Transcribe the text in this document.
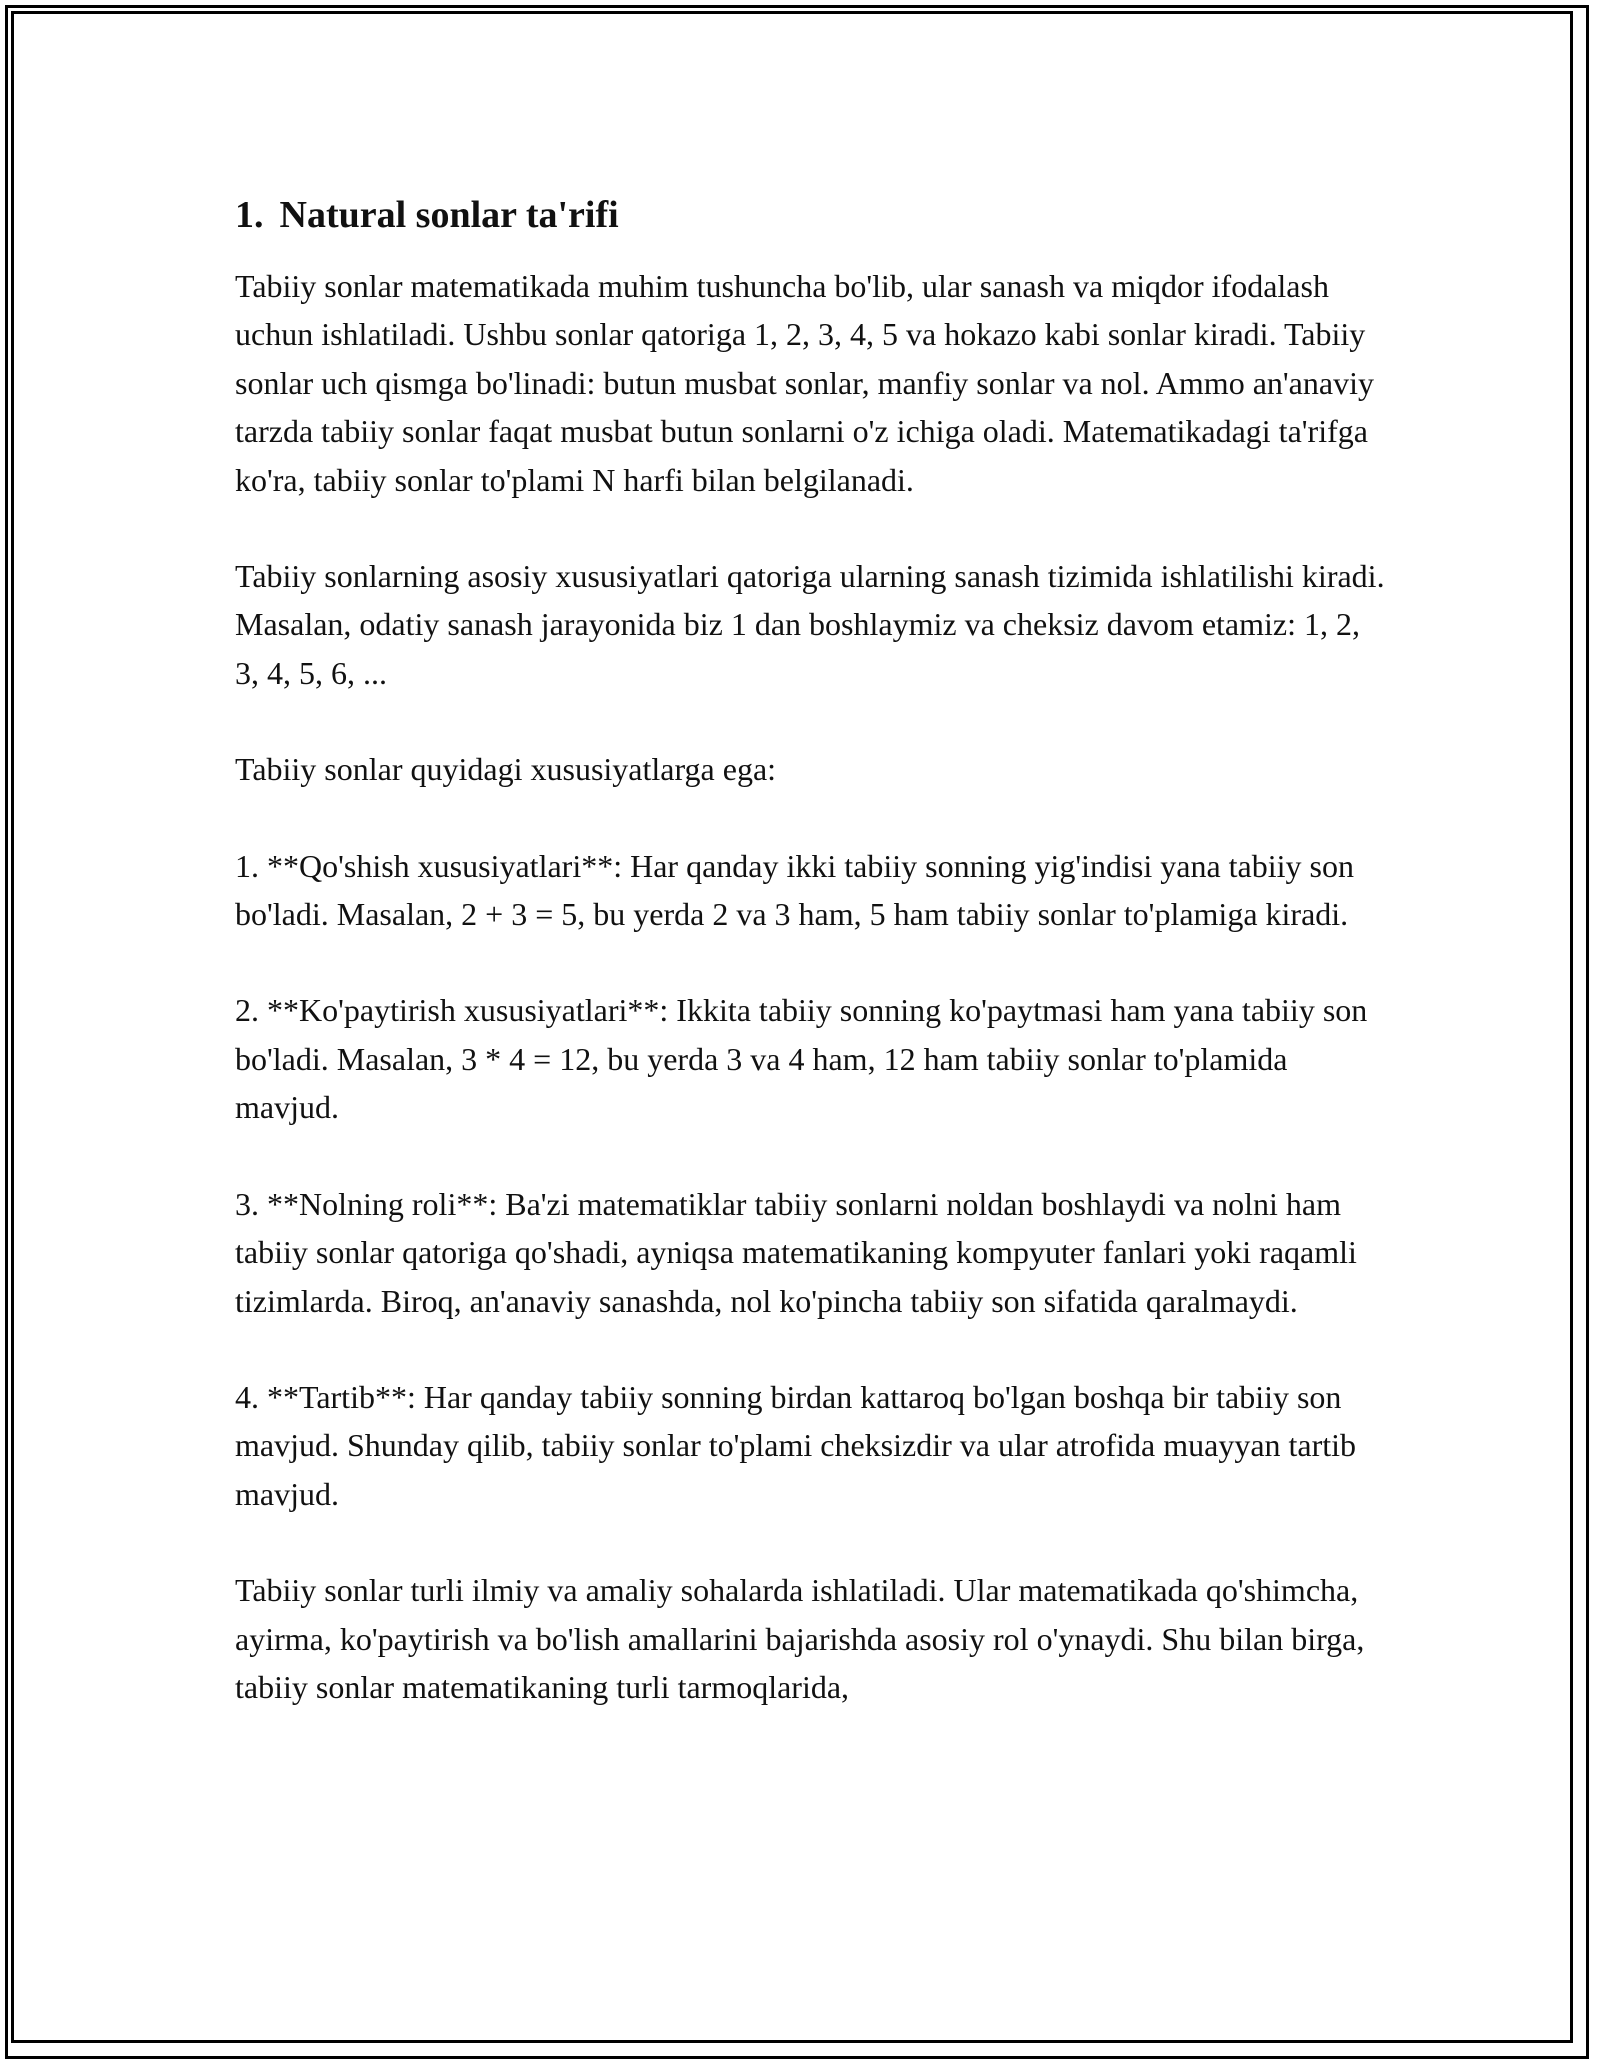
1. Natural sonlar ta'rifi

Tabiiy sonlar matematikada muhim tushuncha bo'lib, ular sanash va miqdor ifodalash uchun ishlatiladi. Ushbu sonlar qatoriga 1, 2, 3, 4, 5 va hokazo kabi sonlar kiradi. Tabiiy sonlar uch qismga bo'linadi: butun musbat sonlar, manfiy sonlar va nol. Ammo an'anaviy tarzda tabiiy sonlar faqat musbat butun sonlarni o'z ichiga oladi. Matematikadagi ta'rifga ko'ra, tabiiy sonlar to'plami N harfi bilan belgilanadi.

Tabiiy sonlarning asosiy xususiyatlari qatoriga ularning sanash tizimida ishlatilishi kiradi. Masalan, odatiy sanash jarayonida biz 1 dan boshlaymiz va cheksiz davom etamiz: 1, 2, 3, 4, 5, 6, ...

Tabiiy sonlar quyidagi xususiyatlarga ega:

1. **Qo'shish xususiyatlari**: Har qanday ikki tabiiy sonning yig'indisi yana tabiiy son bo'ladi. Masalan, 2 + 3 = 5, bu yerda 2 va 3 ham, 5 ham tabiiy sonlar to'plamiga kiradi.

2. **Ko'paytirish xususiyatlari**: Ikkita tabiiy sonning ko'paytmasi ham yana tabiiy son bo'ladi. Masalan, 3 * 4 = 12, bu yerda 3 va 4 ham, 12 ham tabiiy sonlar to'plamida mavjud.

3. **Nolning roli**: Ba'zi matematiklar tabiiy sonlarni noldan boshlaydi va nolni ham tabiiy sonlar qatoriga qo'shadi, ayniqsa matematikaning kompyuter fanlari yoki raqamli tizimlarda. Biroq, an'anaviy sanashda, nol ko'pincha tabiiy son sifatida qaralmaydi.

4. **Tartib**: Har qanday tabiiy sonning birdan kattaroq bo'lgan boshqa bir tabiiy son mavjud. Shunday qilib, tabiiy sonlar to'plami cheksizdir va ular atrofida muayyan tartib mavjud.

Tabiiy sonlar turli ilmiy va amaliy sohalarda ishlatiladi. Ular matematikada qo'shimcha, ayirma, ko'paytirish va bo'lish amallarini bajarishda asosiy rol o'ynaydi. Shu bilan birga, tabiiy sonlar matematikaning turli tarmoqlarida,
